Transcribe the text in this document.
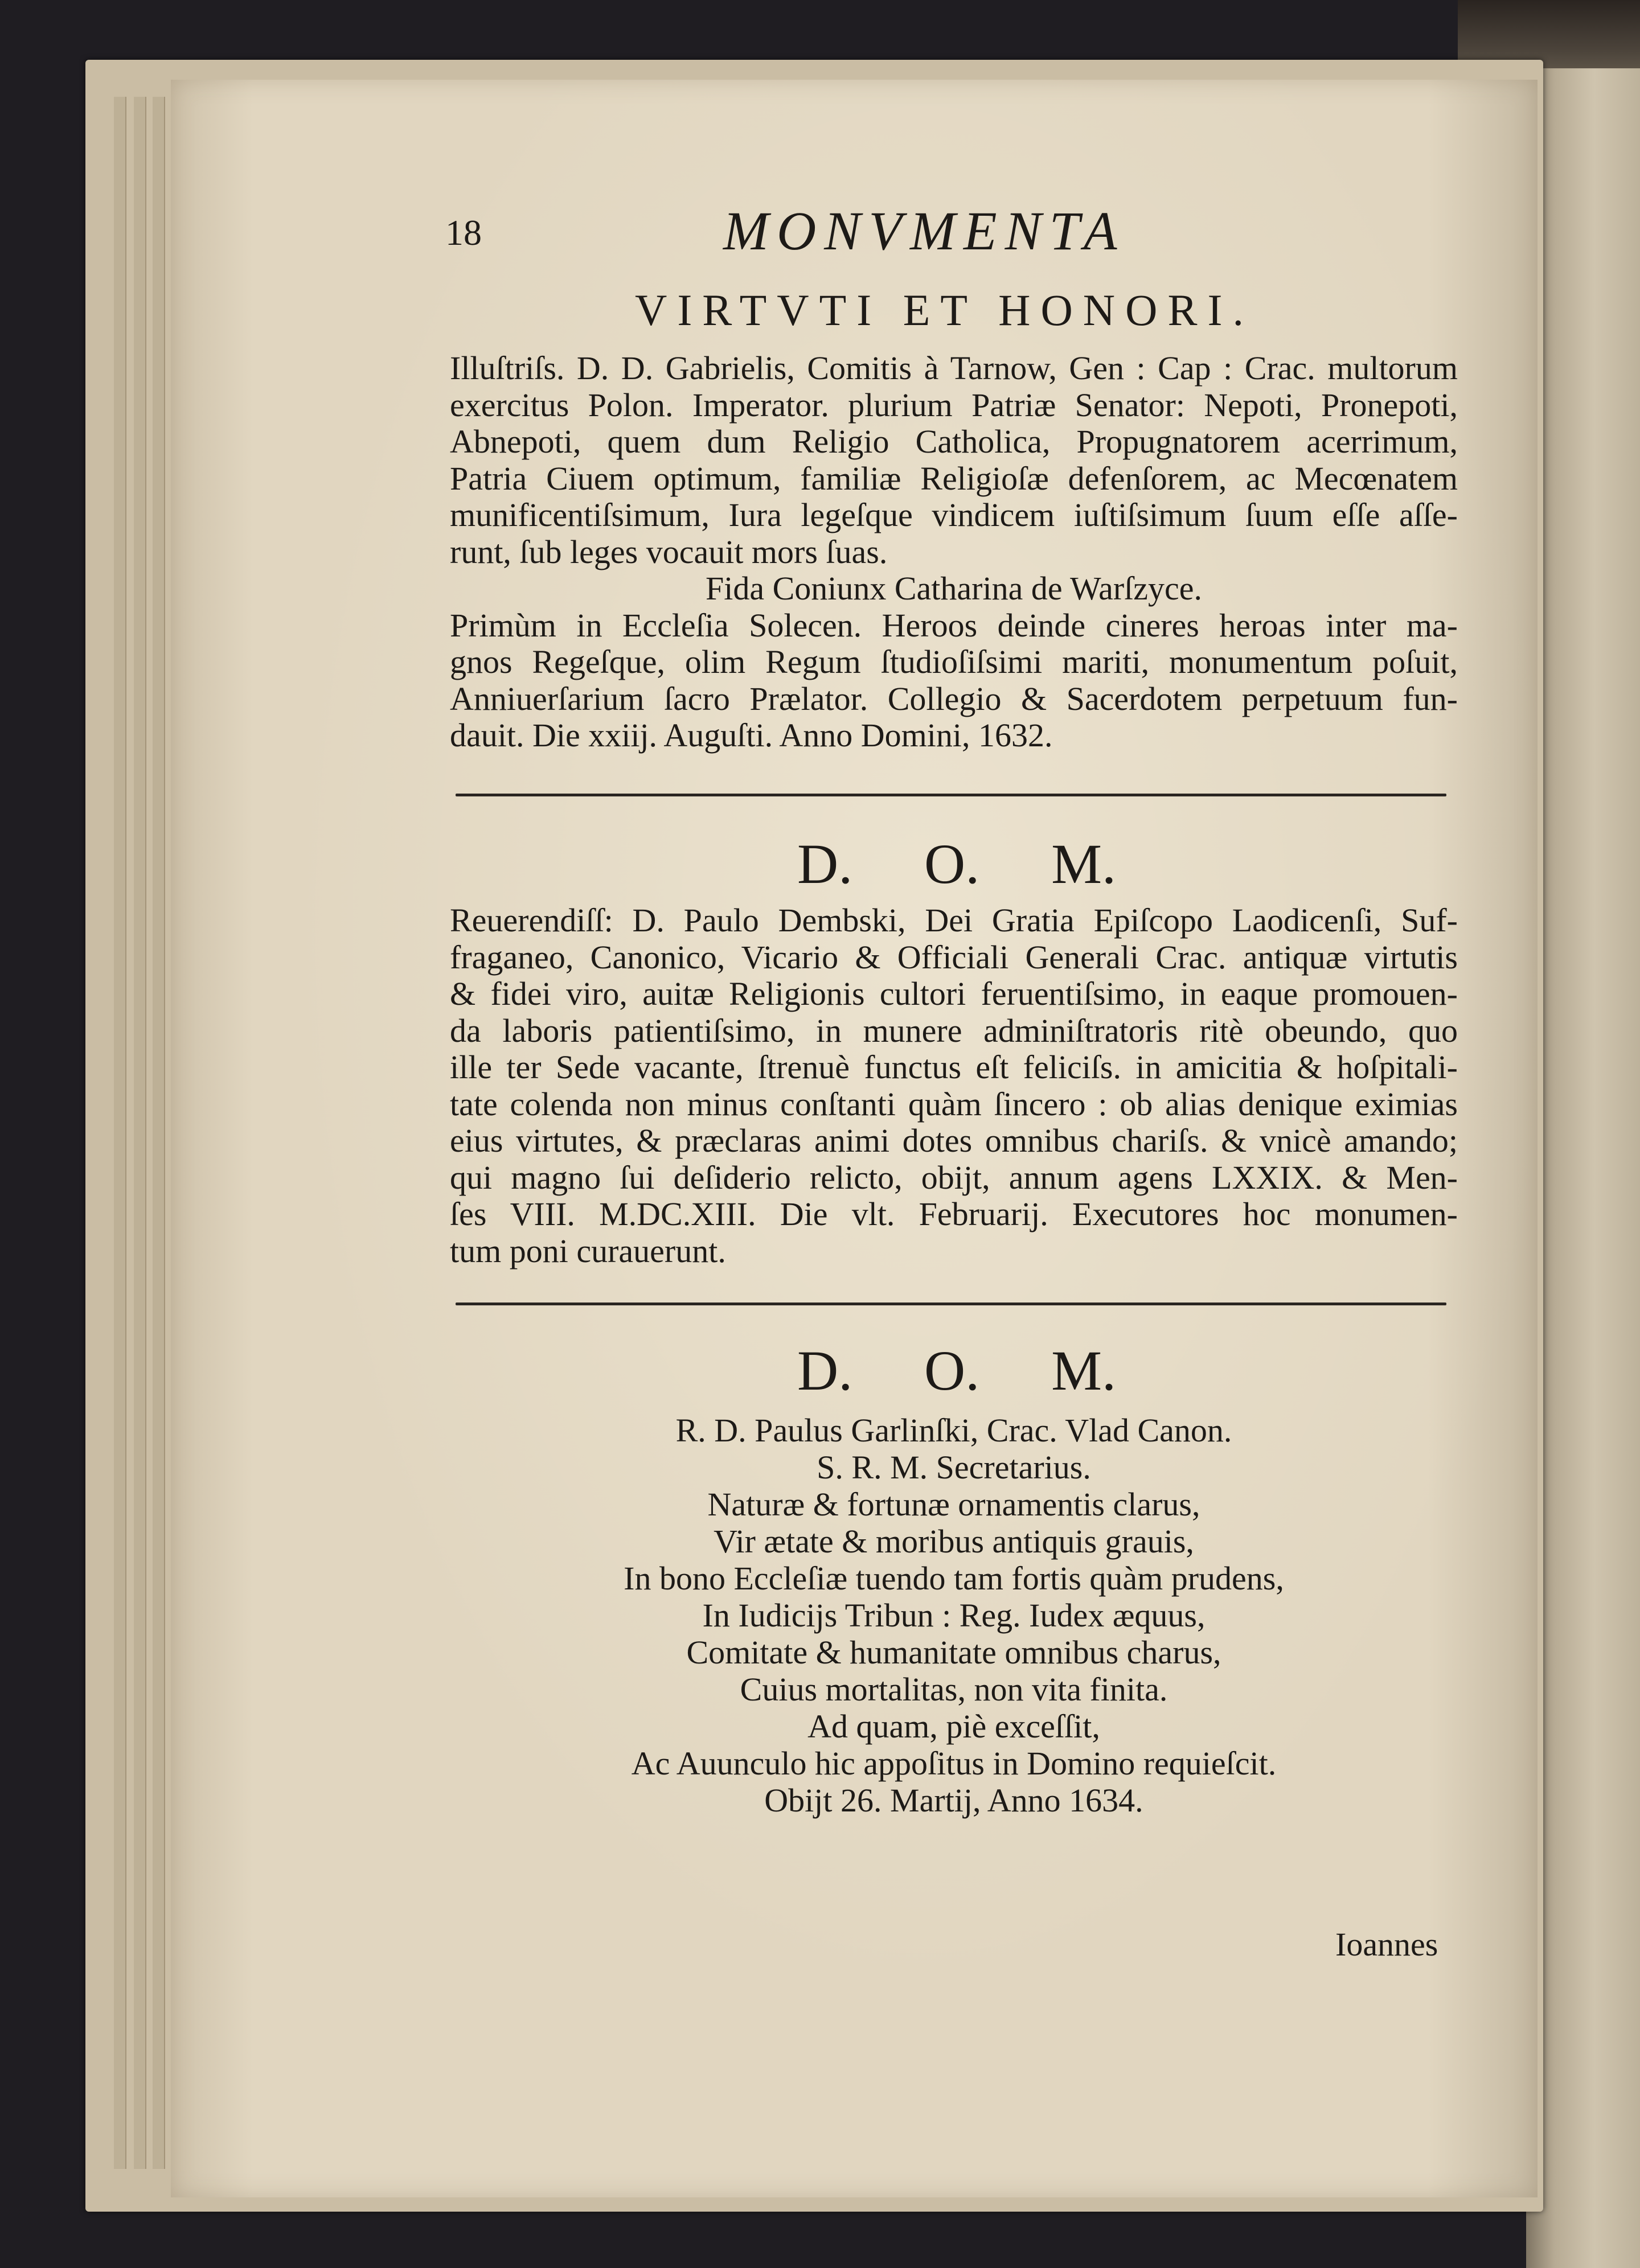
18	MONVMENTA
VIRTVTI ET HONORI.
Illuſtriſs. D. D. Gabrielis, Comitis à Tarnow, Gen : Cap : Crac. multorum
exercitus Polon. Imperator. plurium Patriæ Senator: Nepoti, Pronepoti,
Abnepoti, quem dum Religio Catholica, Propugnatorem acerrimum,
Patria Ciuem optimum, familiæ Religioſæ defenſorem, ac Mecœnatem
munificentiſsimum, Iura legeſque vindicem iuſtiſsimum ſuum eſſe aſſe-
runt, ſub leges vocauit mors ſuas.
Fida Coniunx Catharina de Warſzyce.
Primùm in Eccleſia Solecen. Heroos deinde cineres heroas inter ma-
gnos Regeſque, olim Regum ſtudioſiſsimi mariti, monumentum poſuit,
Anniuerſarium ſacro Prælator. Collegio & Sacerdotem perpetuum fun-
dauit. Die xxiij. Auguſti. Anno Domini, 1632.
D. O. M.
Reuerendiſſ: D. Paulo Dembski, Dei Gratia Epiſcopo Laodicenſi, Suf-
fraganeo, Canonico, Vicario & Officiali Generali Crac. antiquæ virtutis
& fidei viro, auitæ Religionis cultori feruentiſsimo, in eaque promouen-
da laboris patientiſsimo, in munere adminiſtratoris ritè obeundo, quo
ille ter Sede vacante, ſtrenuè functus eſt feliciſs. in amicitia & hoſpitali-
tate colenda non minus conſtanti quàm ſincero : ob alias denique eximias
eius virtutes, & præclaras animi dotes omnibus chariſs. & vnicè amando;
qui magno ſui deſiderio relicto, obijt, annum agens LXXIX. & Men-
ſes VIII. M.DC.XIII. Die vlt. Februarij. Executores hoc monumen-
tum poni curauerunt.
D. O. M.
R. D. Paulus Garlinſki, Crac. Vlad Canon.
S. R. M. Secretarius.
Naturæ & fortunæ ornamentis clarus,
Vir ætate & moribus antiquis grauis,
In bono Eccleſiæ tuendo tam fortis quàm prudens,
In Iudicijs Tribun : Reg. Iudex æquus,
Comitate & humanitate omnibus charus,
Cuius mortalitas, non vita finita.
Ad quam, piè exceſſit,
Ac Auunculo hic appoſitus in Domino requieſcit.
Obijt 26. Martij, Anno 1634.
Ioannes
